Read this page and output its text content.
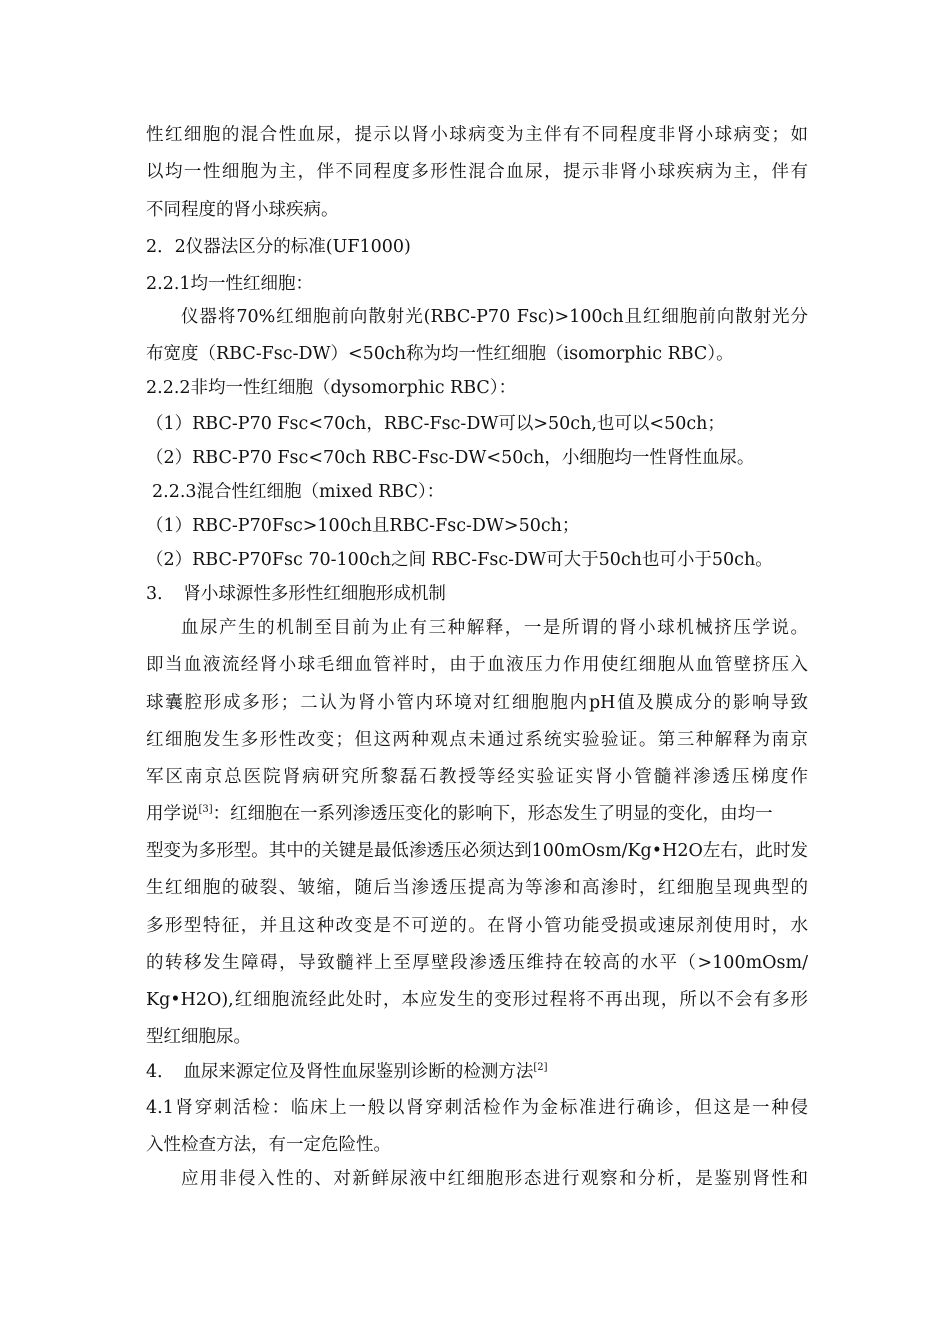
性红细胞的混合性血尿，提示以肾小球病变为主伴有不同程度非肾小球病变；如
以均一性细胞为主，伴不同程度多形性混合血尿，提示非肾小球疾病为主，伴有
不同程度的肾小球疾病。
2．2仪器法区分的标准(UF1000)
2.2.1均一性红细胞：
仪器将70%红细胞前向散射光(RBC-P70 Fsc)>100ch且红细胞前向散射光分
布宽度（RBC-Fsc-DW）<50ch称为均一性红细胞（isomorphic RBC）。
2.2.2非均一性红细胞（dysomorphic RBC）：
（1）RBC-P70 Fsc<70ch，RBC-Fsc-DW可以>50ch,也可以<50ch；
（2）RBC-P70 Fsc<70ch RBC-Fsc-DW<50ch，小细胞均一性肾性血尿。
2.2.3混合性红细胞（mixed RBC）：
（1）RBC-P70Fsc>100ch且RBC-Fsc-DW>50ch；
（2）RBC-P70Fsc 70-100ch之间 RBC-Fsc-DW可大于50ch也可小于50ch。
3．　肾小球源性多形性红细胞形成机制
血尿产生的机制至目前为止有三种解释，一是所谓的肾小球机械挤压学说。
即当血液流经肾小球毛细血管袢时，由于血液压力作用使红细胞从血管壁挤压入
球囊腔形成多形；二认为肾小管内环境对红细胞胞内pH值及膜成分的影响导致
红细胞发生多形性改变；但这两种观点未通过系统实验验证。第三种解释为南京
军区南京总医院肾病研究所黎磊石教授等经实验证实肾小管髓袢渗透压梯度作
用学说[3]：红细胞在一系列渗透压变化的影响下，形态发生了明显的变化，由均一
型变为多形型。其中的关键是最低渗透压必须达到100mOsm/Kg•H2O左右，此时发
生红细胞的破裂、皱缩，随后当渗透压提高为等渗和高渗时，红细胞呈现典型的
多形型特征，并且这种改变是不可逆的。在肾小管功能受损或速尿剂使用时，水
的转移发生障碍，导致髓袢上至厚壁段渗透压维持在较高的水平（>100mOsm/
Kg•H2O),红细胞流经此处时，本应发生的变形过程将不再出现，所以不会有多形
型红细胞尿。
4．　血尿来源定位及肾性血尿鉴别诊断的检测方法[2]
4.1肾穿刺活检：临床上一般以肾穿刺活检作为金标准进行确诊，但这是一种侵
入性检查方法，有一定危险性。
应用非侵入性的、对新鲜尿液中红细胞形态进行观察和分析，是鉴别肾性和
